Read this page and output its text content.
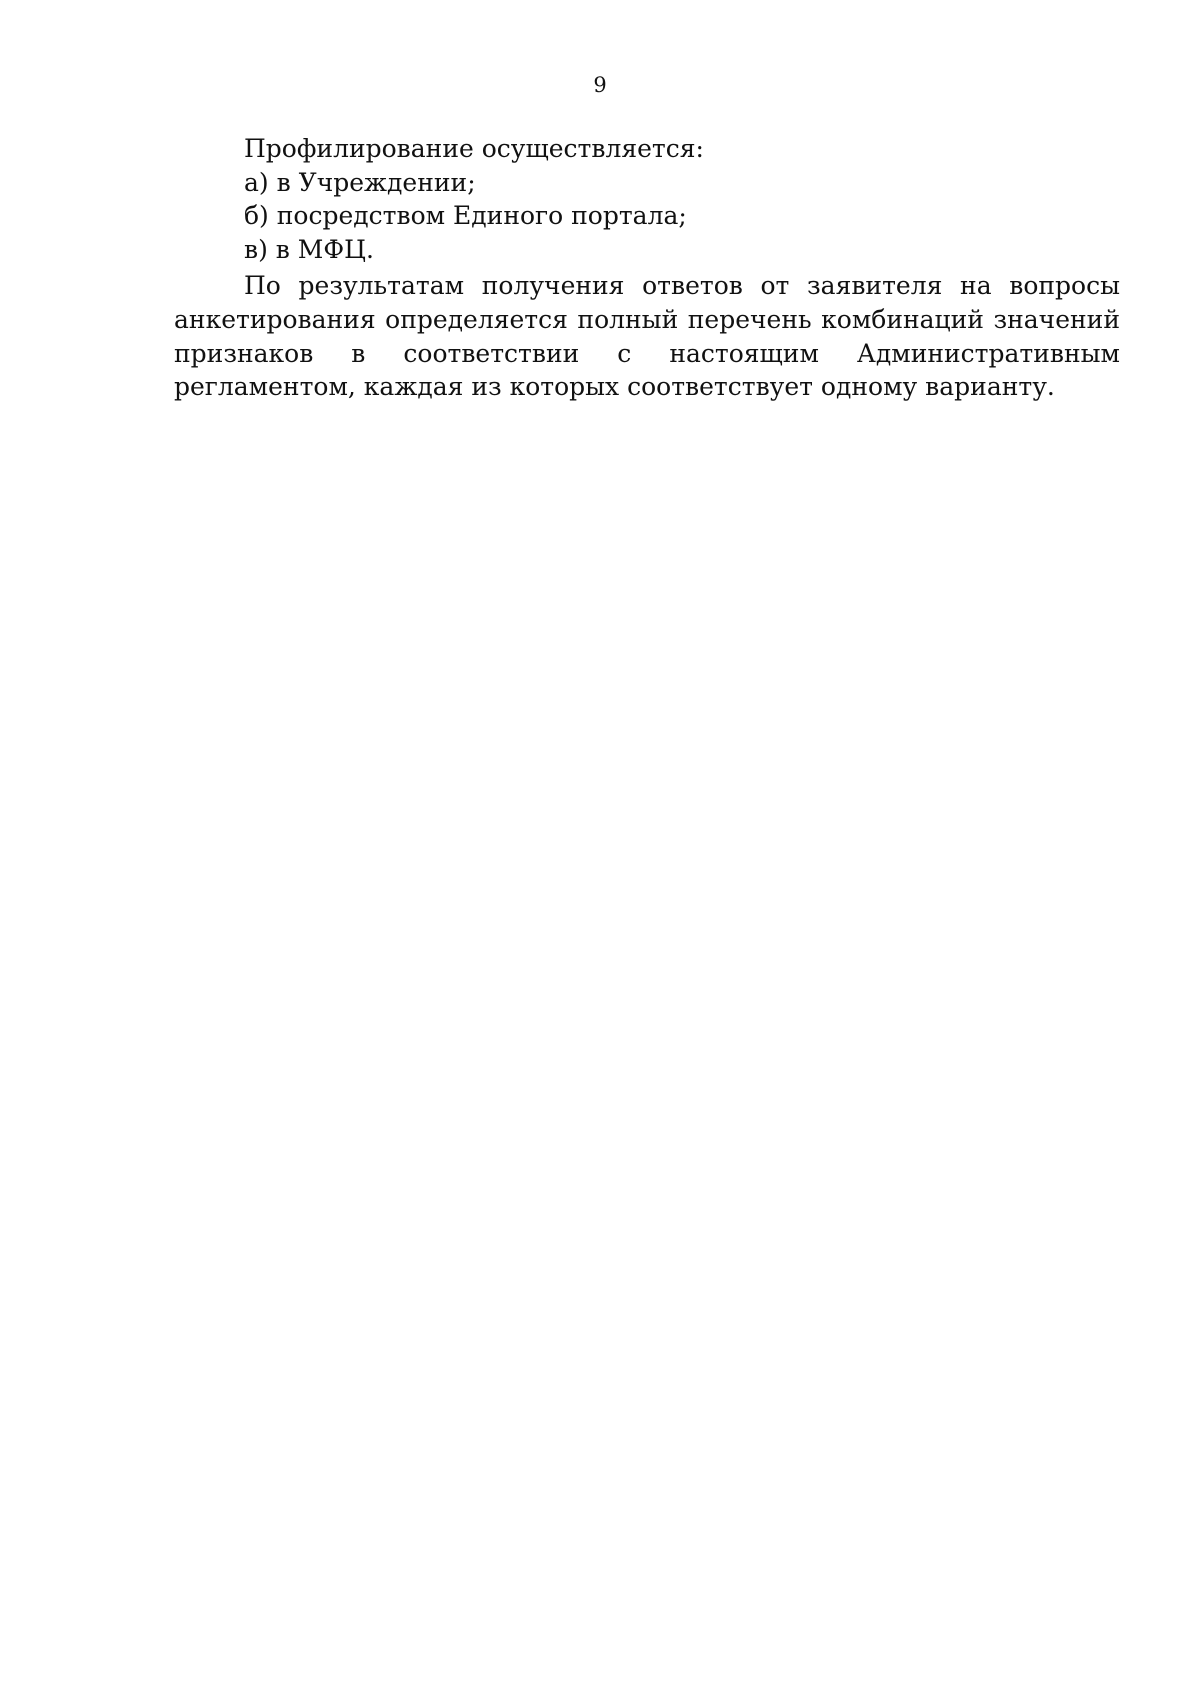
9

Профилирование осуществляется:

а) в Учреждении;

б) посредством Единого портала;

в) в МФЦ.

По результатам получения ответов от заявителя на вопросы анкетирования определяется полный перечень комбинаций значений признаков в соответствии с настоящим Административным регламентом, каждая из которых соответствует одному варианту.
